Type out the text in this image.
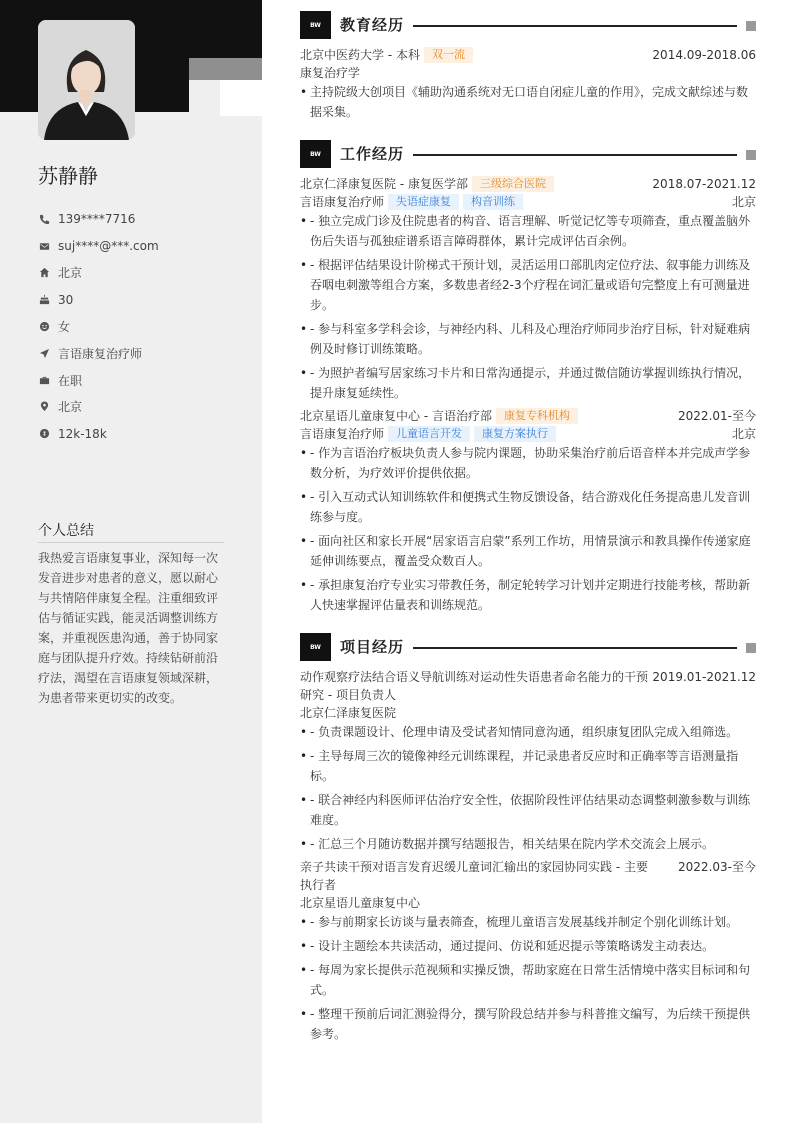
苏静静
139****7716
suj****@***.com
北京
30
女
言语康复治疗师
在职
北京
12k-18k
个人总结
我热爱言语康复事业，深知每一次发音进步对患者的意义，愿以耐心与共情陪伴康复全程。注重细致评估与循证实践，能灵活调整训练方案，并重视医患沟通，善于协同家庭与团队提升疗效。持续钻研前沿疗法，渴望在言语康复领域深耕，为患者带来更切实的改变。
BW	教育经历
北京中医药大学 - 本科 双一流	2014.09-2018.06
康复治疗学
• 主持院级大创项目《辅助沟通系统对无口语自闭症儿童的作用》，完成文献综述与数据采集。
BW	工作经历
北京仁泽康复医院 - 康复医学部 三级综合医院	2018.07-2021.12
言语康复治疗师 失语症康复 构音训练	北京
• - 独立完成门诊及住院患者的构音、语言理解、听觉记忆等专项筛查，重点覆盖脑外伤后失语与孤独症谱系语言障碍群体，累计完成评估百余例。
• - 根据评估结果设计阶梯式干预计划，灵活运用口部肌肉定位疗法、叙事能力训练及吞咽电刺激等组合方案，多数患者经2-3个疗程在词汇量或语句完整度上有可测量进步。
• - 参与科室多学科会诊，与神经内科、儿科及心理治疗师同步治疗目标，针对疑难病例及时修订训练策略。
• - 为照护者编写居家练习卡片和日常沟通提示，并通过微信随访掌握训练执行情况，提升康复延续性。
北京星语儿童康复中心 - 言语治疗部 康复专科机构	2022.01-至今
言语康复治疗师 儿童语言开发 康复方案执行	北京
• - 作为言语治疗板块负责人参与院内课题，协助采集治疗前后语音样本并完成声学参数分析，为疗效评价提供依据。
• - 引入互动式认知训练软件和便携式生物反馈设备，结合游戏化任务提高患儿发音训练参与度。
• - 面向社区和家长开展“居家语言启蒙”系列工作坊，用情景演示和教具操作传递家庭延伸训练要点，覆盖受众数百人。
• - 承担康复治疗专业实习带教任务，制定轮转学习计划并定期进行技能考核，帮助新人快速掌握评估量表和训练规范。
BW	项目经历
动作观察疗法结合语义导航训练对运动性失语患者命名能力的干预研究 - 项目负责人
2019.01-2021.12
北京仁泽康复医院
• - 负责课题设计、伦理申请及受试者知情同意沟通，组织康复团队完成入组筛选。
• - 主导每周三次的镜像神经元训练课程，并记录患者反应时和正确率等言语测量指标。
• - 联合神经内科医师评估治疗安全性，依据阶段性评估结果动态调整刺激参数与训练难度。
• - 汇总三个月随访数据并撰写结题报告，相关结果在院内学术交流会上展示。
亲子共读干预对语言发育迟缓儿童词汇输出的家园协同实践 - 主要执行者
2022.03-至今
北京星语儿童康复中心
• - 参与前期家长访谈与量表筛查，梳理儿童语言发展基线并制定个别化训练计划。
• - 设计主题绘本共读活动，通过提问、仿说和延迟提示等策略诱发主动表达。
• - 每周为家长提供示范视频和实操反馈，帮助家庭在日常生活情境中落实目标词和句式。
• - 整理干预前后词汇测验得分，撰写阶段总结并参与科普推文编写，为后续干预提供参考。
